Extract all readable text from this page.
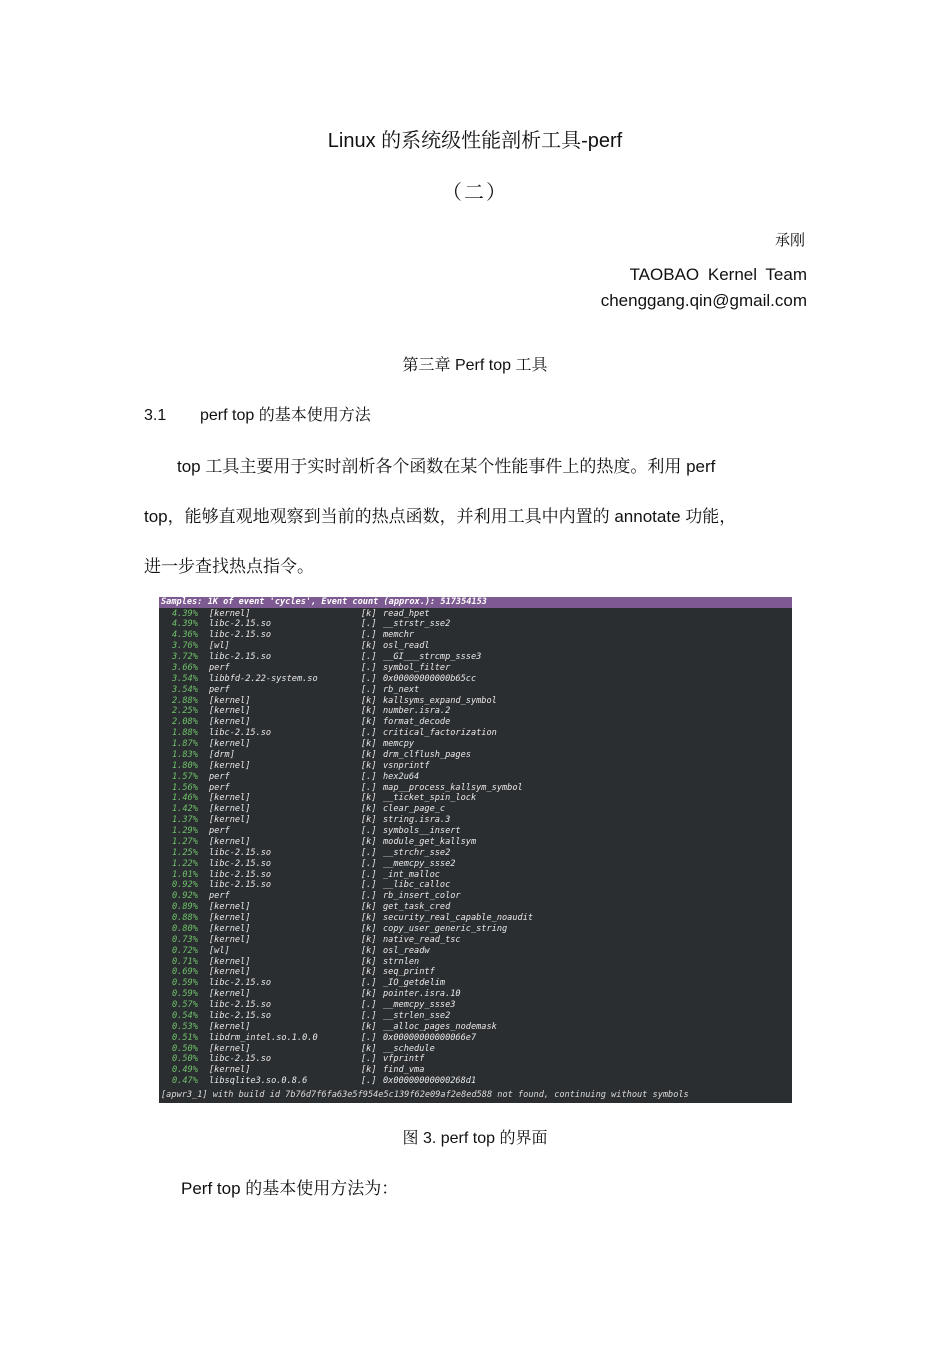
Linux 的系统级性能剖析工具-perf
（二）
承刚
TAOBAO Kernel Team
chenggang.qin@gmail.com
第三章 Perf top 工具
3.1 perf top 的基本使用方法
top 工具主要用于实时剖析各个函数在某个性能事件上的热度。利用 perf
top，能够直观地观察到当前的热点函数，并利用工具中内置的 annotate 功能，
进一步查找热点指令。
Samples: 1K of event 'cycles', Event count (approx.): 517354153
4.39% [kernel]	[k] read_hpet
4.39% libc-2.15.so	[.] __strstr_sse2
4.36% libc-2.15.so	[.] memchr
3.76% [wl]	[k] osl_readl
3.72% libc-2.15.so	[.] __GI___strcmp_ssse3
3.66% perf	[.] symbol_filter
3.54% libbfd-2.22-system.so	[.] 0x00000000000b65cc
3.54% perf	[.] rb_next
2.88% [kernel]	[k] kallsyms_expand_symbol
2.25% [kernel]	[k] number.isra.2
2.08% [kernel]	[k] format_decode
1.88% libc-2.15.so	[.] critical_factorization
1.87% [kernel]	[k] memcpy
1.83% [drm]	[k] drm_clflush_pages
1.80% [kernel]	[k] vsnprintf
1.57% perf	[.] hex2u64
1.56% perf	[.] map__process_kallsym_symbol
1.46% [kernel]	[k] __ticket_spin_lock
1.42% [kernel]	[k] clear_page_c
1.37% [kernel]	[k] string.isra.3
1.29% perf	[.] symbols__insert
1.27% [kernel]	[k] module_get_kallsym
1.25% libc-2.15.so	[.] __strchr_sse2
1.22% libc-2.15.so	[.] __memcpy_ssse2
1.01% libc-2.15.so	[.] _int_malloc
0.92% libc-2.15.so	[.] __libc_calloc
0.92% perf	[.] rb_insert_color
0.89% [kernel]	[k] get_task_cred
0.88% [kernel]	[k] security_real_capable_noaudit
0.80% [kernel]	[k] copy_user_generic_string
0.73% [kernel]	[k] native_read_tsc
0.72% [wl]	[k] osl_readw
0.71% [kernel]	[k] strnlen
0.69% [kernel]	[k] seq_printf
0.59% libc-2.15.so	[.] _IO_getdelim
0.59% [kernel]	[k] pointer.isra.10
0.57% libc-2.15.so	[.] __memcpy_ssse3
0.54% libc-2.15.so	[.] __strlen_sse2
0.53% [kernel]	[k] __alloc_pages_nodemask
0.51% libdrm_intel.so.1.0.0	[.] 0x00000000000066e7
0.50% [kernel]	[k] __schedule
0.50% libc-2.15.so	[.] vfprintf
0.49% [kernel]	[k] find_vma
0.47% libsqlite3.so.0.8.6	[.] 0x00000000000268d1
[apwr3_1] with build id 7b76d7f6fa63e5f954e5c139f62e09af2e8ed588 not found, continuing without symbols
图 3. perf top 的界面
Perf top 的基本使用方法为：
